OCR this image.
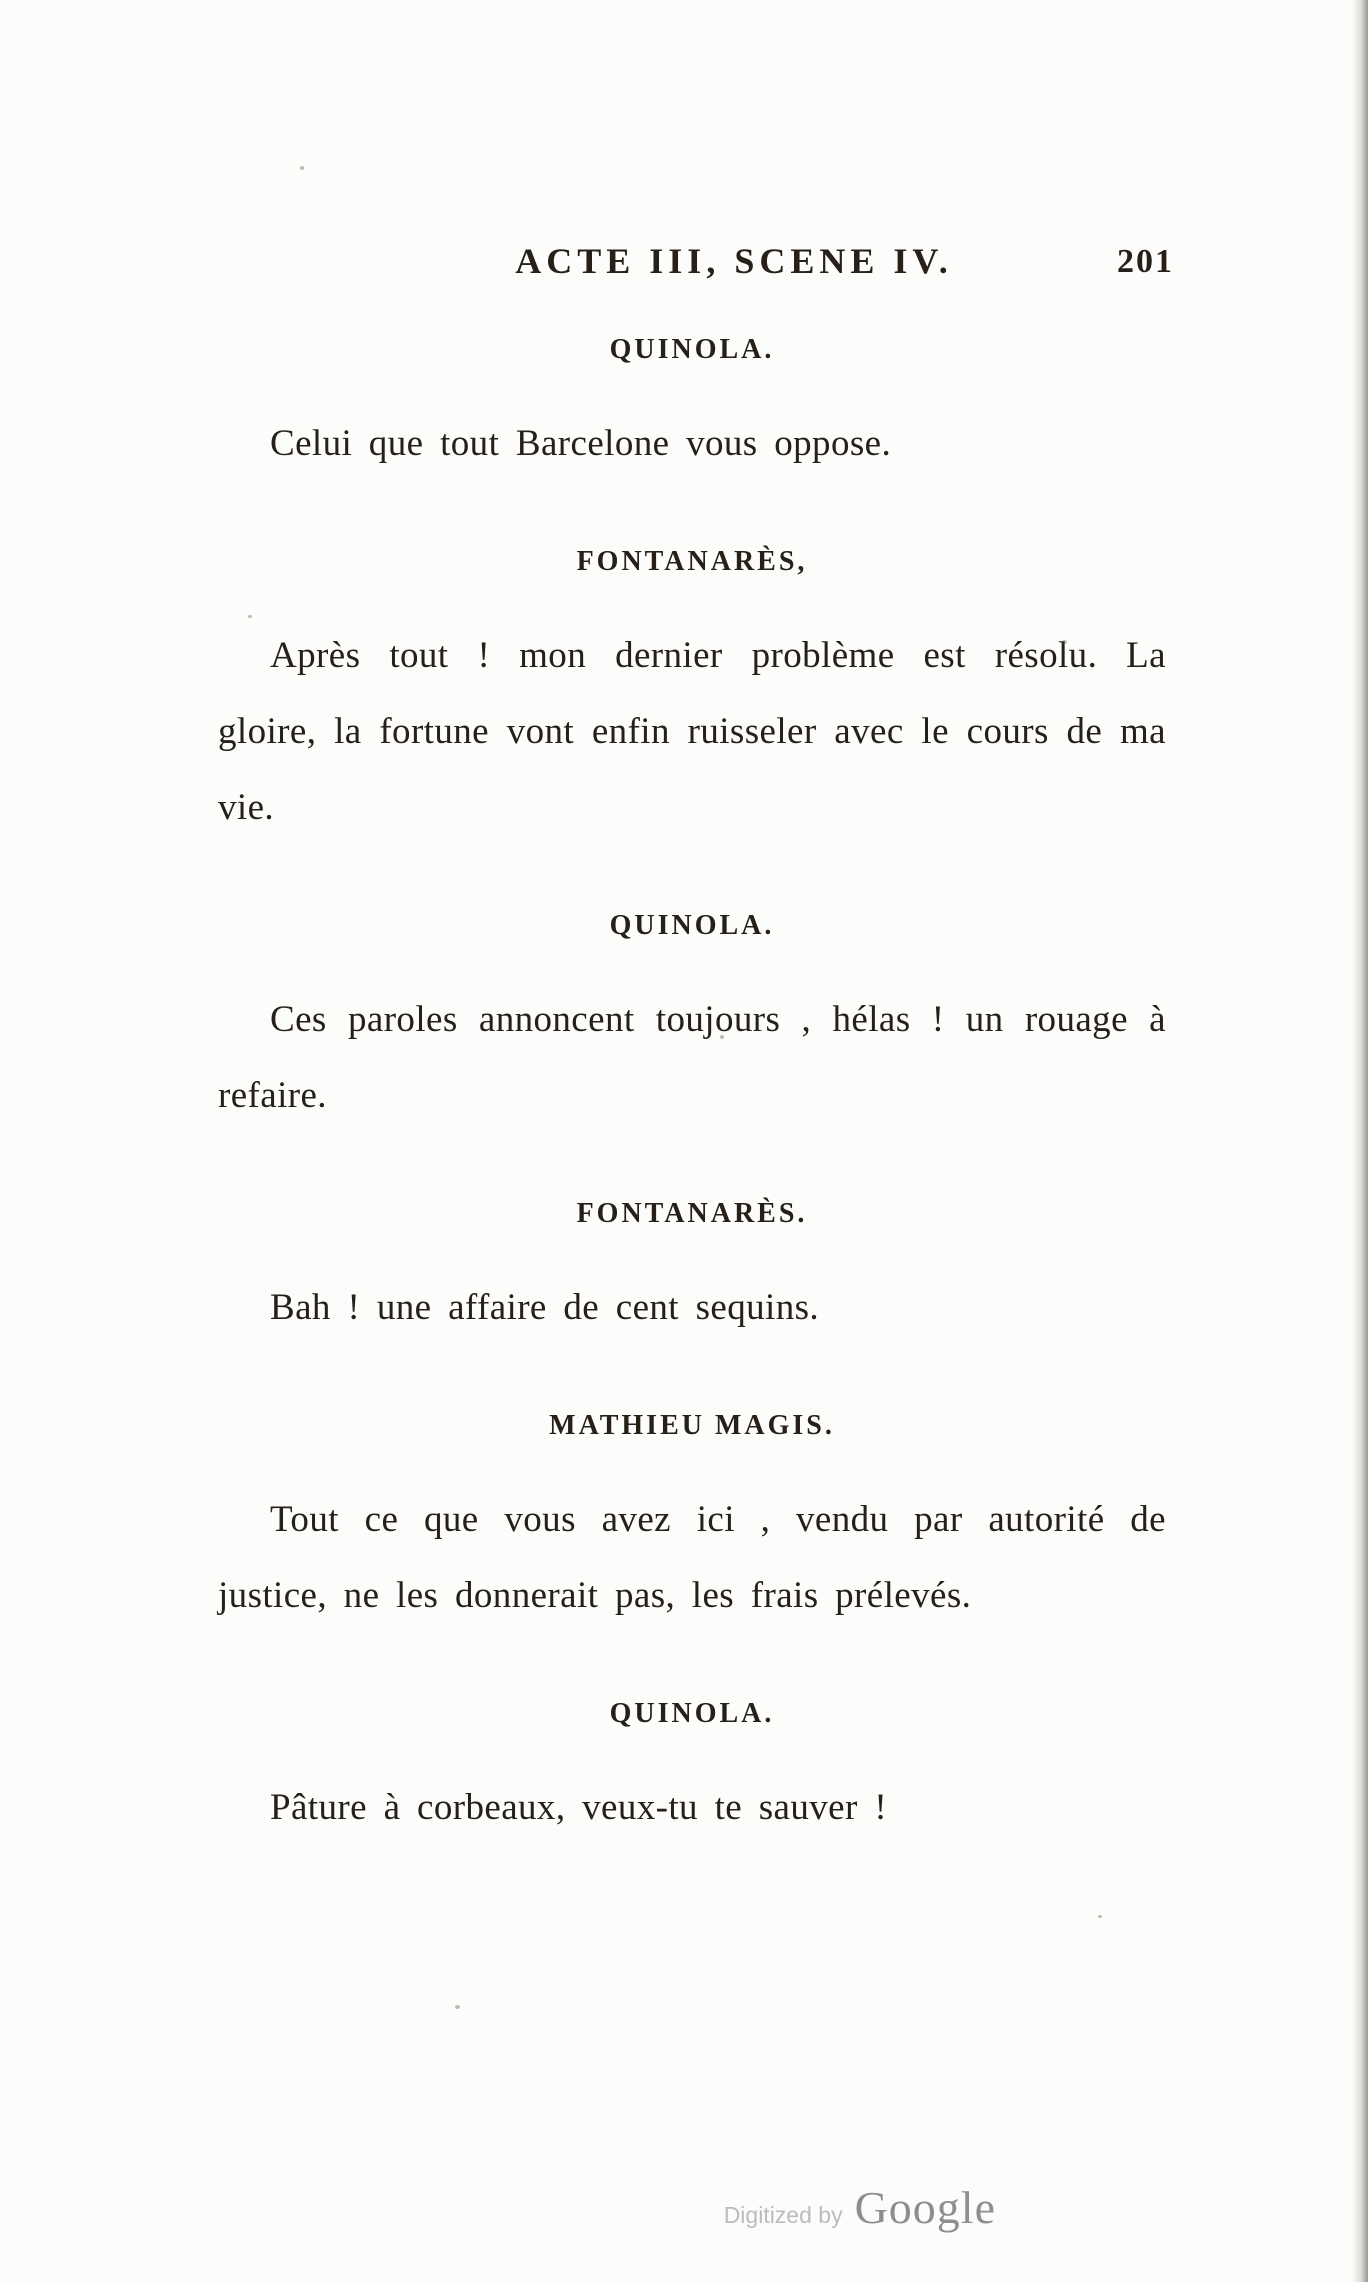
ACTE III, SCENE IV.	201
QUINOLA.

Celui que tout Barcelone vous oppose.

FONTANARÈS,

Après tout ! mon dernier problème est résolu. La gloire, la fortune vont enfin ruisseler avec le cours de ma vie.

QUINOLA.

Ces paroles annoncent toujours , hélas ! un rouage à refaire.

FONTANARÈS.

Bah ! une affaire de cent sequins.

MATHIEU MAGIS.

Tout ce que vous avez ici , vendu par autorité de justice, ne les donnerait pas, les frais prélevés.

QUINOLA.

Pâture à corbeaux, veux-tu te sauver !

Digitized by Google
